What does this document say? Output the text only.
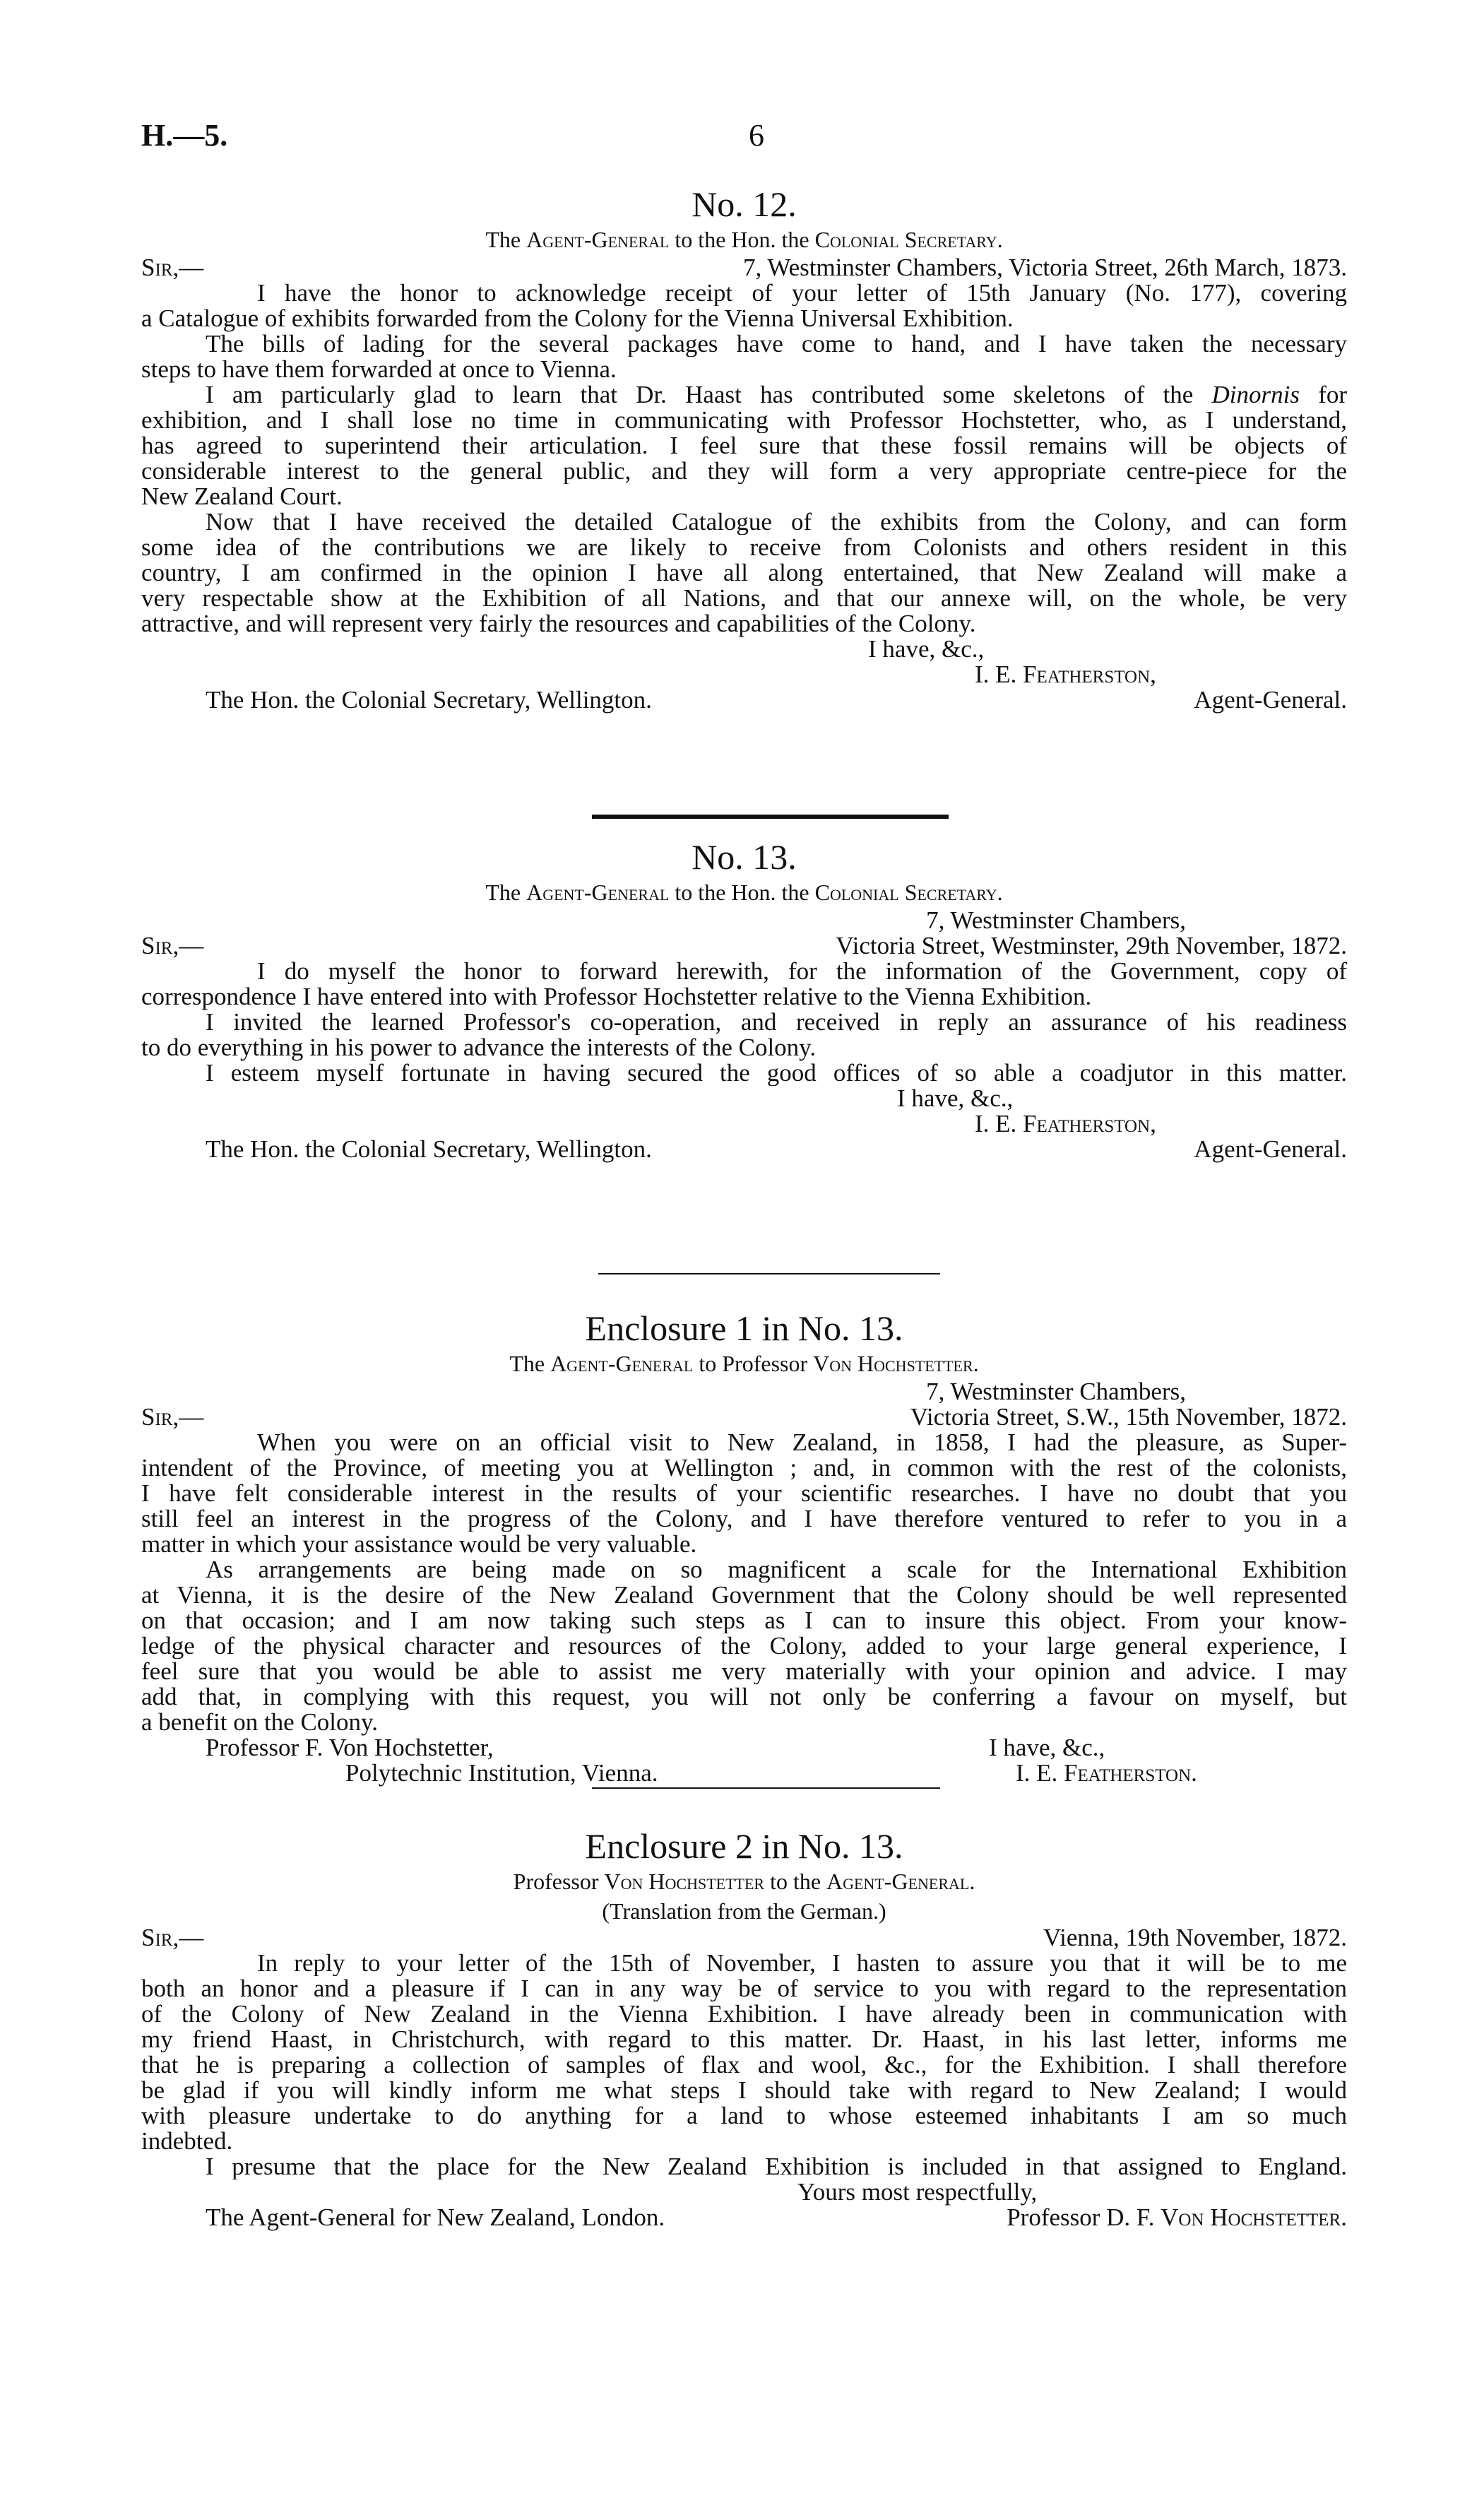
H.—5.	6
No. 12.
The Agent-General to the Hon. the Colonial Secretary.
Sir,—	7, Westminster Chambers, Victoria Street, 26th March, 1873.
I have the honor to acknowledge receipt of your letter of 15th January (No. 177), covering
a Catalogue of exhibits forwarded from the Colony for the Vienna Universal Exhibition.
The bills of lading for the several packages have come to hand, and I have taken the necessary
steps to have them forwarded at once to Vienna.
I am particularly glad to learn that Dr. Haast has contributed some skeletons of the Dinornis for
exhibition, and I shall lose no time in communicating with Professor Hochstetter, who, as I understand,
has agreed to superintend their articulation. I feel sure that these fossil remains will be objects of
considerable interest to the general public, and they will form a very appropriate centre-piece for the
New Zealand Court.
Now that I have received the detailed Catalogue of the exhibits from the Colony, and can form
some idea of the contributions we are likely to receive from Colonists and others resident in this
country, I am confirmed in the opinion I have all along entertained, that New Zealand will make a
very respectable show at the Exhibition of all Nations, and that our annexe will, on the whole, be very
attractive, and will represent very fairly the resources and capabilities of the Colony.
I have, &c.,
I. E. Featherston,
The Hon. the Colonial Secretary, Wellington.	Agent-General.
No. 13.
The Agent-General to the Hon. the Colonial Secretary.
7, Westminster Chambers,
Sir,—	Victoria Street, Westminster, 29th November, 1872.
I do myself the honor to forward herewith, for the information of the Government, copy of
correspondence I have entered into with Professor Hochstetter relative to the Vienna Exhibition.
I invited the learned Professor's co-operation, and received in reply an assurance of his readiness
to do everything in his power to advance the interests of the Colony.
I esteem myself fortunate in having secured the good offices of so able a coadjutor in this matter.
I have, &c.,
I. E. Featherston,
The Hon. the Colonial Secretary, Wellington.	Agent-General.
Enclosure 1 in No. 13.
The Agent-General to Professor Von Hochstetter.
7, Westminster Chambers,
Sir,—	Victoria Street, S.W., 15th November, 1872.
When you were on an official visit to New Zealand, in 1858, I had the pleasure, as Super-
intendent of the Province, of meeting you at Wellington ; and, in common with the rest of the colonists,
I have felt considerable interest in the results of your scientific researches. I have no doubt that you
still feel an interest in the progress of the Colony, and I have therefore ventured to refer to you in a
matter in which your assistance would be very valuable.
As arrangements are being made on so magnificent a scale for the International Exhibition
at Vienna, it is the desire of the New Zealand Government that the Colony should be well represented
on that occasion; and I am now taking such steps as I can to insure this object. From your know-
ledge of the physical character and resources of the Colony, added to your large general experience, I
feel sure that you would be able to assist me very materially with your opinion and advice. I may
add that, in complying with this request, you will not only be conferring a favour on myself, but
a benefit on the Colony.
Professor F. Von Hochstetter,	I have, &c.,
Polytechnic Institution, Vienna.	I. E. Featherston.
Enclosure 2 in No. 13.
Professor Von Hochstetter to the Agent-General.
(Translation from the German.)
Sir,—	Vienna, 19th November, 1872.
In reply to your letter of the 15th of November, I hasten to assure you that it will be to me
both an honor and a pleasure if I can in any way be of service to you with regard to the representation
of the Colony of New Zealand in the Vienna Exhibition. I have already been in communication with
my friend Haast, in Christchurch, with regard to this matter. Dr. Haast, in his last letter, informs me
that he is preparing a collection of samples of flax and wool, &c., for the Exhibition. I shall therefore
be glad if you will kindly inform me what steps I should take with regard to New Zealand; I would
with pleasure undertake to do anything for a land to whose esteemed inhabitants I am so much
indebted.
I presume that the place for the New Zealand Exhibition is included in that assigned to England.
Yours most respectfully,
The Agent-General for New Zealand, London.	Professor D. F. Von Hochstetter.
